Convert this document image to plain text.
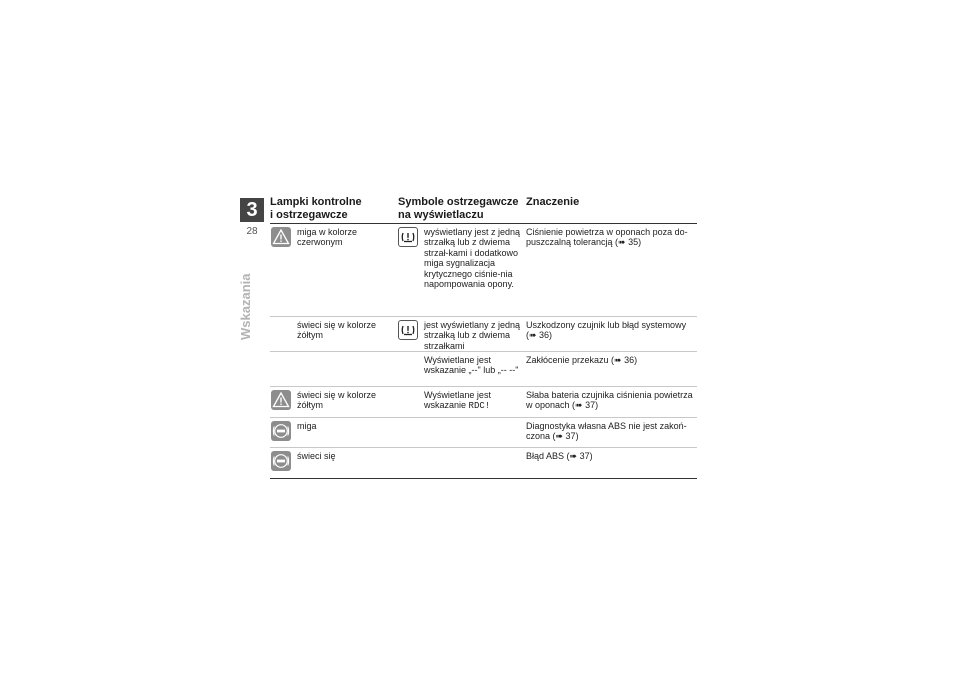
3
28
Wskazania
Lampki kontrolne
i ostrzegawcze
Symbole ostrzegawcze
na wyświetlaczu
Znaczenie
miga w kolorze czerwonym
wyświetlany jest z jedną strzałką lub z dwiema strzał-kami i dodatkowo miga sygnalizacja krytycznego ciśnie-nia napompowania opony.
Ciśnienie powietrza w oponach poza do-puszczalną tolerancją (➠ 35)
świeci się w kolorze żółtym
jest wyświetlany z jedną strzałką lub z dwiema strzałkami
Uszkodzony czujnik lub błąd systemowy (➠ 36)
Wyświetlane jest wskazanie „--" lub „-- --"
Zakłócenie przekazu (➠ 36)
świeci się w kolorze żółtym
Wyświetlane jest wskazanie RDC!
Słaba bateria czujnika ciśnienia powietrza w oponach (➠ 37)
miga	Diagnostyka własna ABS nie jest zakoń-czona (➠ 37)
świeci się	Błąd ABS (➠ 37)
